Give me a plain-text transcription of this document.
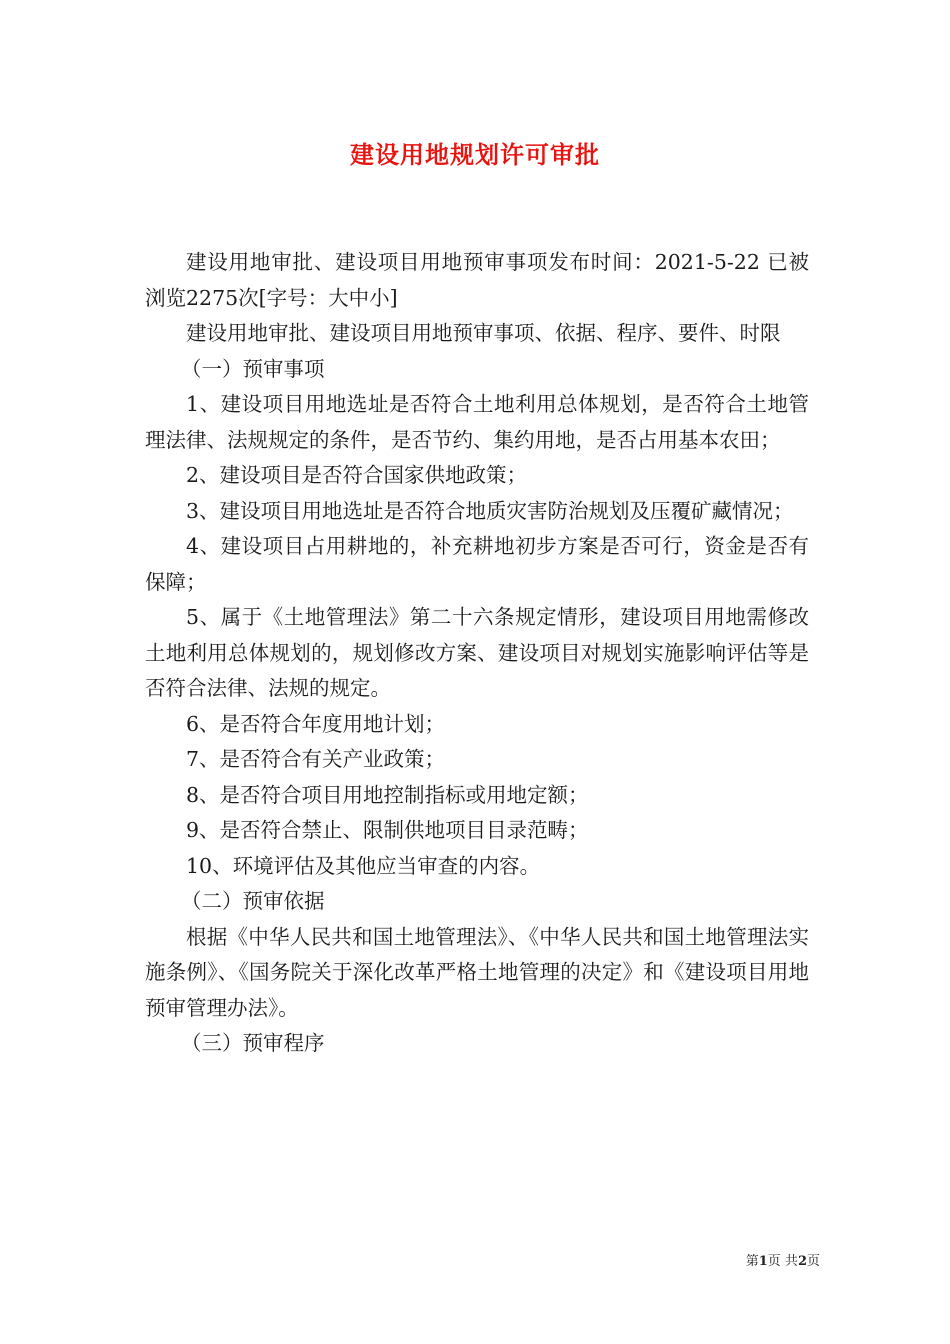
建设用地规划许可审批

建设用地审批、建设项目用地预审事项发布时间：2021-5-22 已被浏览2275次[字号：大中小]

建设用地审批、建设项目用地预审事项、依据、程序、要件、时限

（一）预审事项

1、建设项目用地选址是否符合土地利用总体规划，是否符合土地管理法律、法规规定的条件，是否节约、集约用地，是否占用基本农田；

2、建设项目是否符合国家供地政策；

3、建设项目用地选址是否符合地质灾害防治规划及压覆矿藏情况；

4、建设项目占用耕地的，补充耕地初步方案是否可行，资金是否有保障；

5、属于《土地管理法》第二十六条规定情形，建设项目用地需修改土地利用总体规划的，规划修改方案、建设项目对规划实施影响评估等是否符合法律、法规的规定。

6、是否符合年度用地计划；

7、是否符合有关产业政策；

8、是否符合项目用地控制指标或用地定额；

9、是否符合禁止、限制供地项目目录范畴；

10、环境评估及其他应当审查的内容。

（二）预审依据

根据《中华人民共和国土地管理法》、《中华人民共和国土地管理法实施条例》、《国务院关于深化改革严格土地管理的决定》和《建设项目用地预审管理办法》。

（三）预审程序

第1页 共2页
